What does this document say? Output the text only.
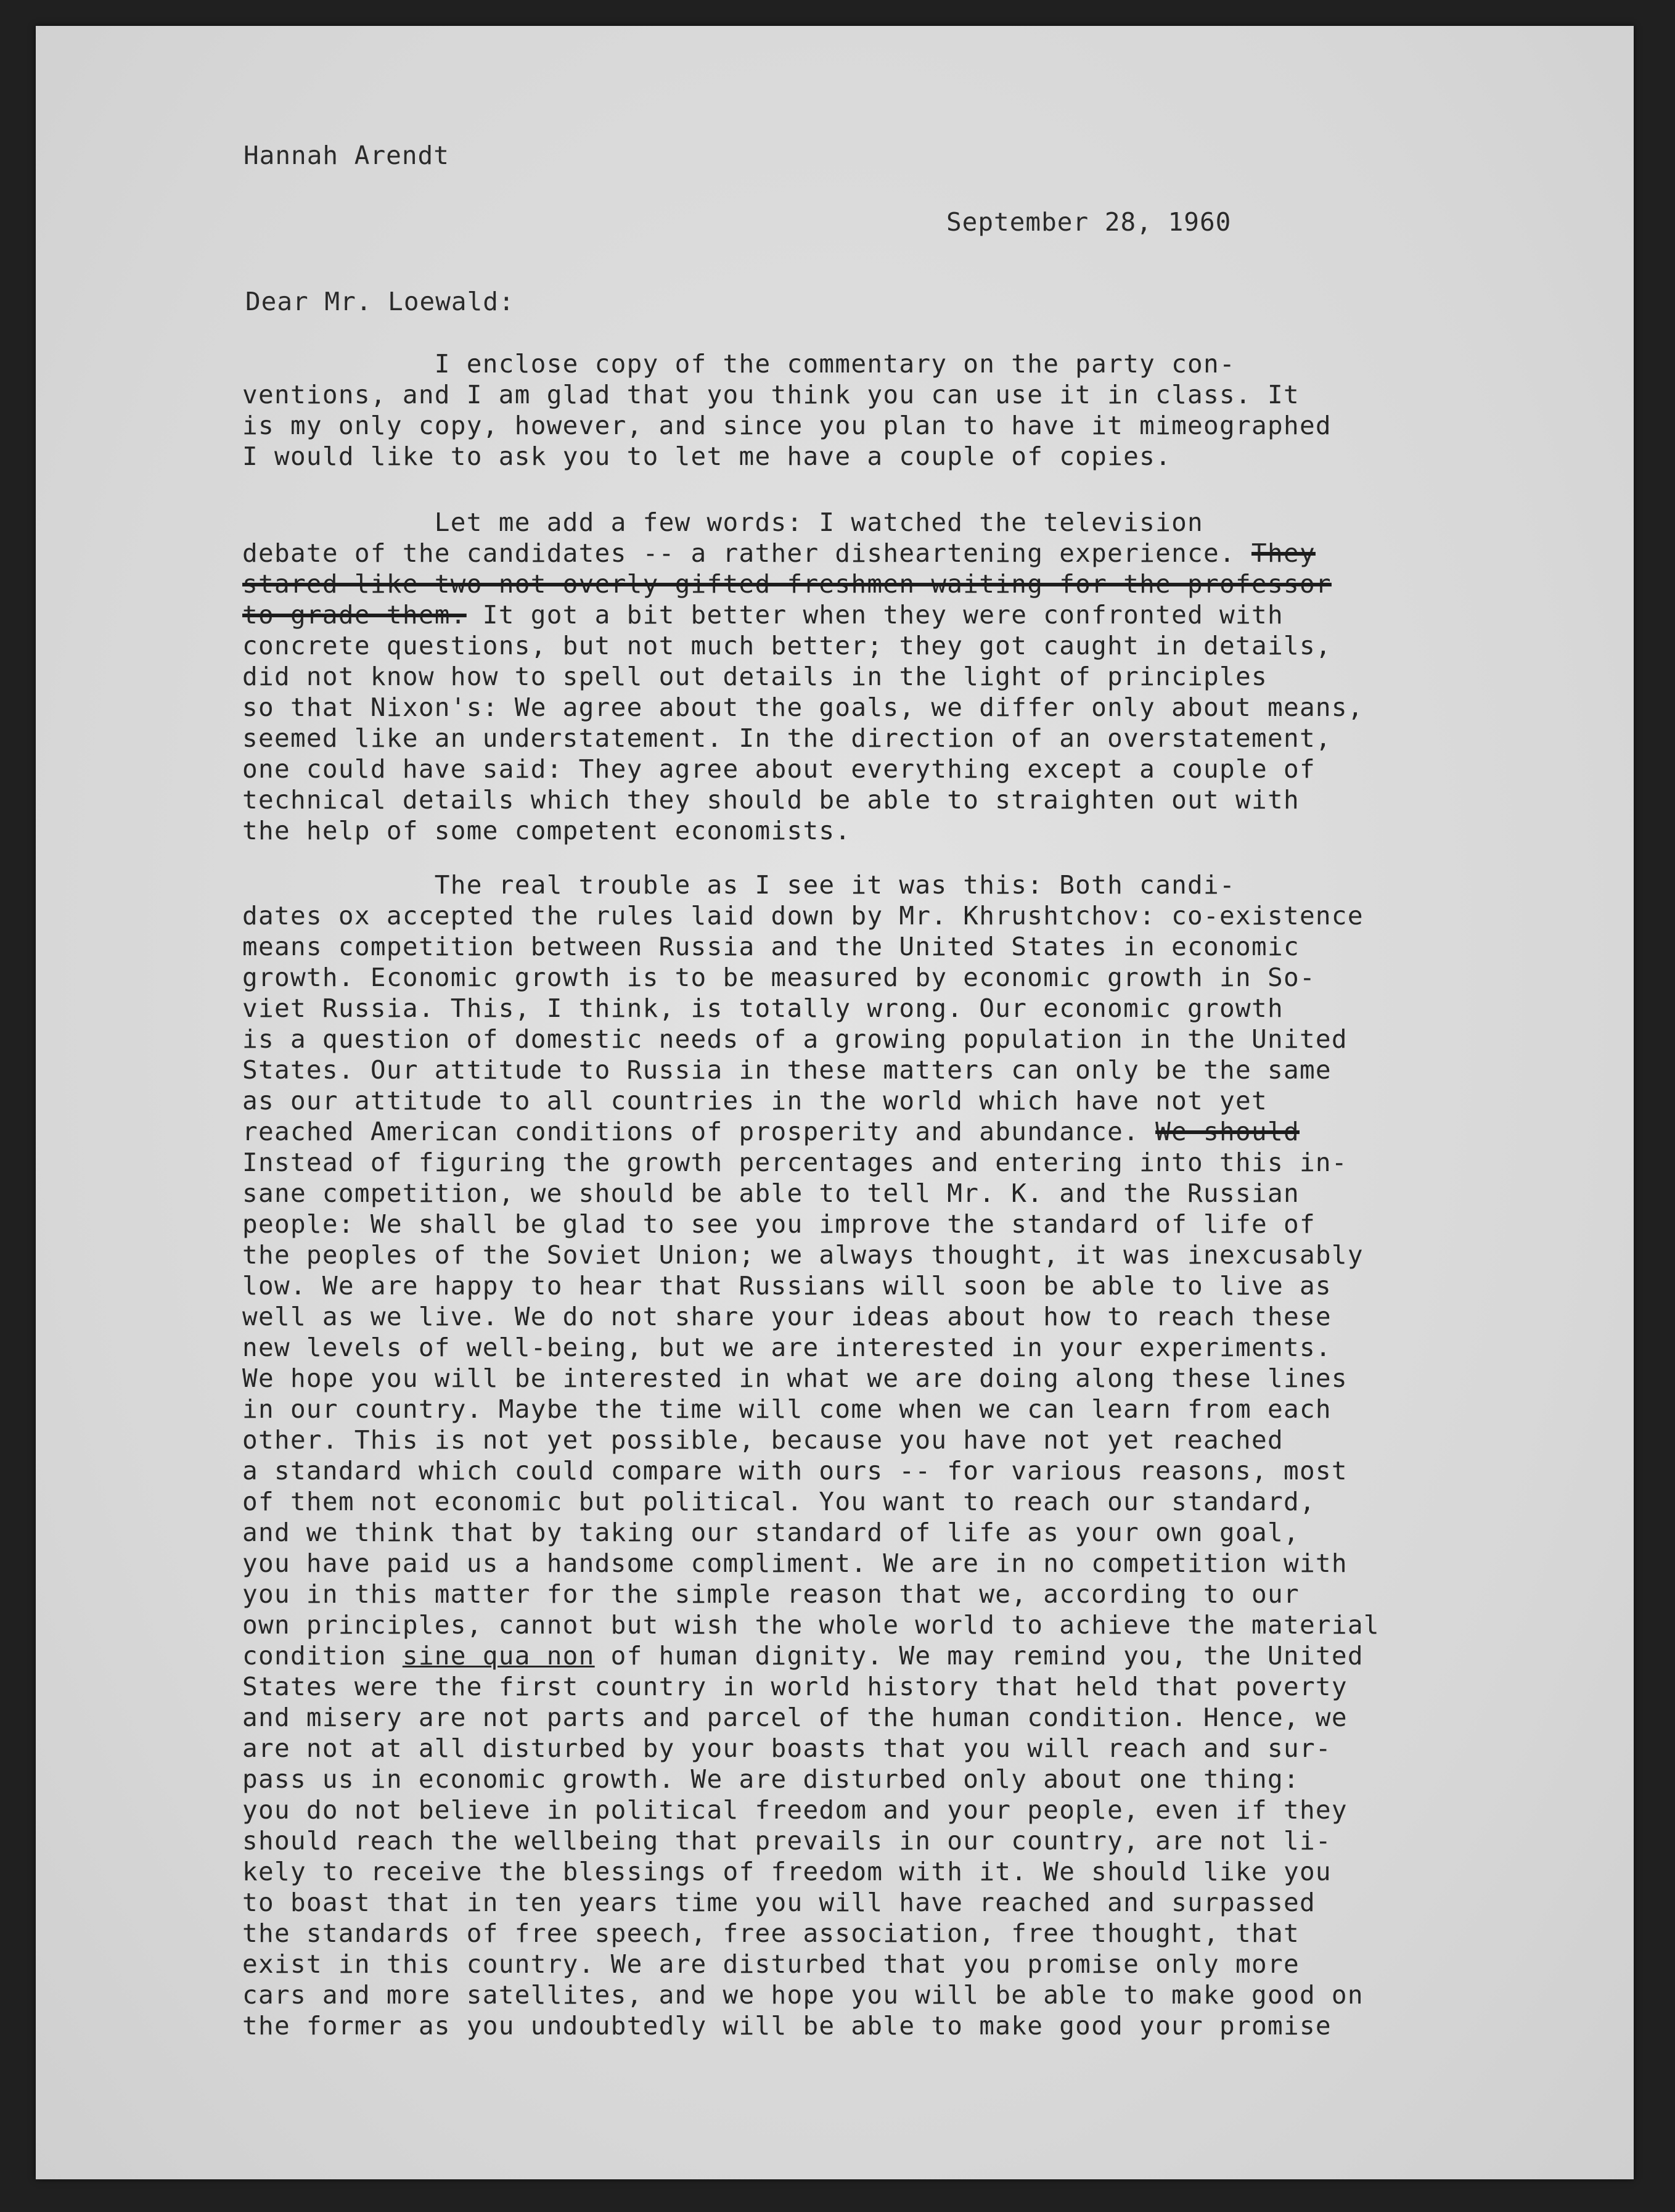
Hannah Arendt
September 28, 1960
Dear Mr. Loewald:
I enclose copy of the commentary on the party con-
ventions, and I am glad that you think you can use it in class. It
is my only copy, however, and since you plan to have it mimeographed
I would like to ask you to let me have a couple of copies.
Let me add a few words: I watched the television
debate of the candidates -- a rather disheartening experience. They
stared like two not overly gifted freshmen waiting for the professor
to grade them. It got a bit better when they were confronted with
concrete questions, but not much better; they got caught in details,
did not know how to spell out details in the light of principles
so that Nixon's: We agree about the goals, we differ only about means,
seemed like an understatement. In the direction of an overstatement,
one could have said: They agree about everything except a couple of
technical details which they should be able to straighten out with
the help of some competent economists.
The real trouble as I see it was this: Both candi-
dates ox accepted the rules laid down by Mr. Khrushtchov: co-existence
means competition between Russia and the United States in economic
growth. Economic growth is to be measured by economic growth in So-
viet Russia. This, I think, is totally wrong. Our economic growth
is a question of domestic needs of a growing population in the United
States. Our attitude to Russia in these matters can only be the same
as our attitude to all countries in the world which have not yet
reached American conditions of prosperity and abundance. We should
Instead of figuring the growth percentages and entering into this in-
sane competition, we should be able to tell Mr. K. and the Russian
people: We shall be glad to see you improve the standard of life of
the peoples of the Soviet Union; we always thought, it was inexcusably
low. We are happy to hear that Russians will soon be able to live as
well as we live. We do not share your ideas about how to reach these
new levels of well-being, but we are interested in your experiments.
We hope you will be interested in what we are doing along these lines
in our country. Maybe the time will come when we can learn from each
other. This is not yet possible, because you have not yet reached
a standard which could compare with ours -- for various reasons, most
of them not economic but political. You want to reach our standard,
and we think that by taking our standard of life as your own goal,
you have paid us a handsome compliment. We are in no competition with
you in this matter for the simple reason that we, according to our
own principles, cannot but wish the whole world to achieve the material
condition sine qua non of human dignity. We may remind you, the United
States were the first country in world history that held that poverty
and misery are not parts and parcel of the human condition. Hence, we
are not at all disturbed by your boasts that you will reach and sur-
pass us in economic growth. We are disturbed only about one thing:
you do not believe in political freedom and your people, even if they
should reach the wellbeing that prevails in our country, are not li-
kely to receive the blessings of freedom with it. We should like you
to boast that in ten years time you will have reached and surpassed
the standards of free speech, free association, free thought, that
exist in this country. We are disturbed that you promise only more
cars and more satellites, and we hope you will be able to make good on
the former as you undoubtedly will be able to make good your promise
